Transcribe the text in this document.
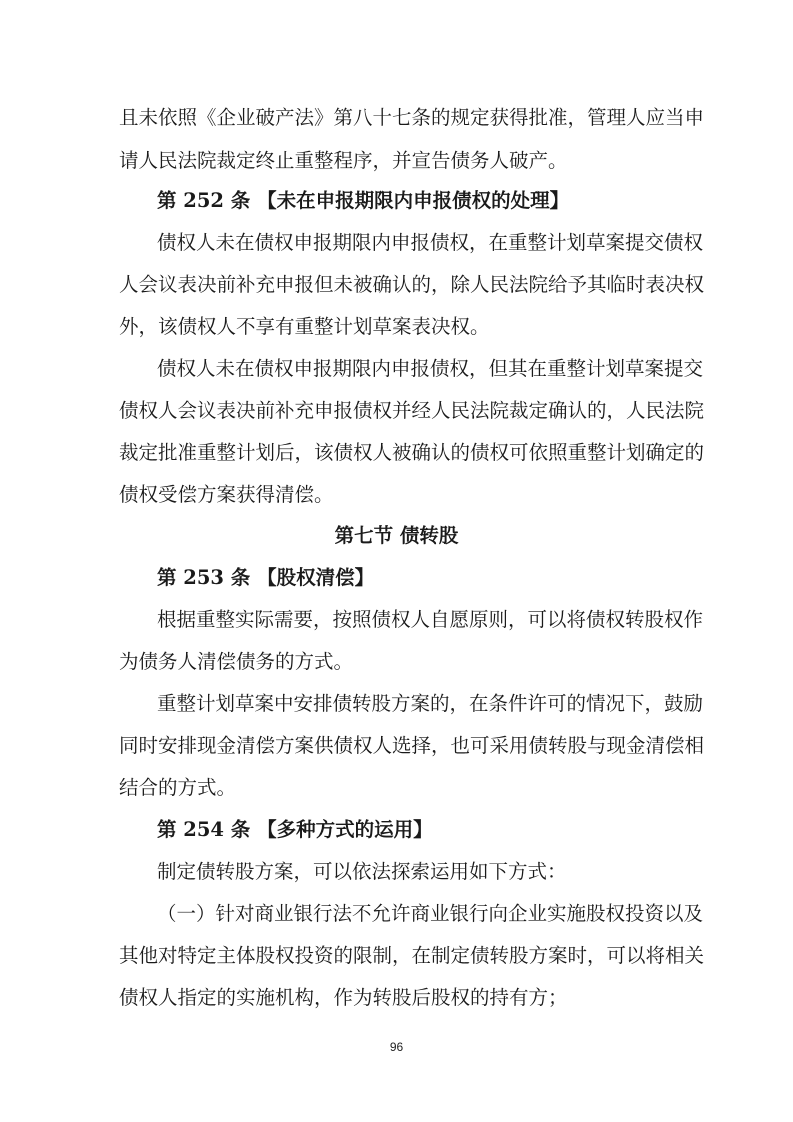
且未依照《企业破产法》第八十七条的规定获得批准，管理人应当申
请人民法院裁定终止重整程序，并宣告债务人破产。
第 252 条 【未在申报期限内申报债权的处理】
债权人未在债权申报期限内申报债权，在重整计划草案提交债权
人会议表决前补充申报但未被确认的，除人民法院给予其临时表决权
外，该债权人不享有重整计划草案表决权。
债权人未在债权申报期限内申报债权，但其在重整计划草案提交
债权人会议表决前补充申报债权并经人民法院裁定确认的，人民法院
裁定批准重整计划后，该债权人被确认的债权可依照重整计划确定的
债权受偿方案获得清偿。
第七节 债转股
第 253 条 【股权清偿】
根据重整实际需要，按照债权人自愿原则，可以将债权转股权作
为债务人清偿债务的方式。
重整计划草案中安排债转股方案的，在条件许可的情况下，鼓励
同时安排现金清偿方案供债权人选择，也可采用债转股与现金清偿相
结合的方式。
第 254 条 【多种方式的运用】
制定债转股方案，可以依法探索运用如下方式：
（一）针对商业银行法不允许商业银行向企业实施股权投资以及
其他对特定主体股权投资的限制，在制定债转股方案时，可以将相关
债权人指定的实施机构，作为转股后股权的持有方；
96
